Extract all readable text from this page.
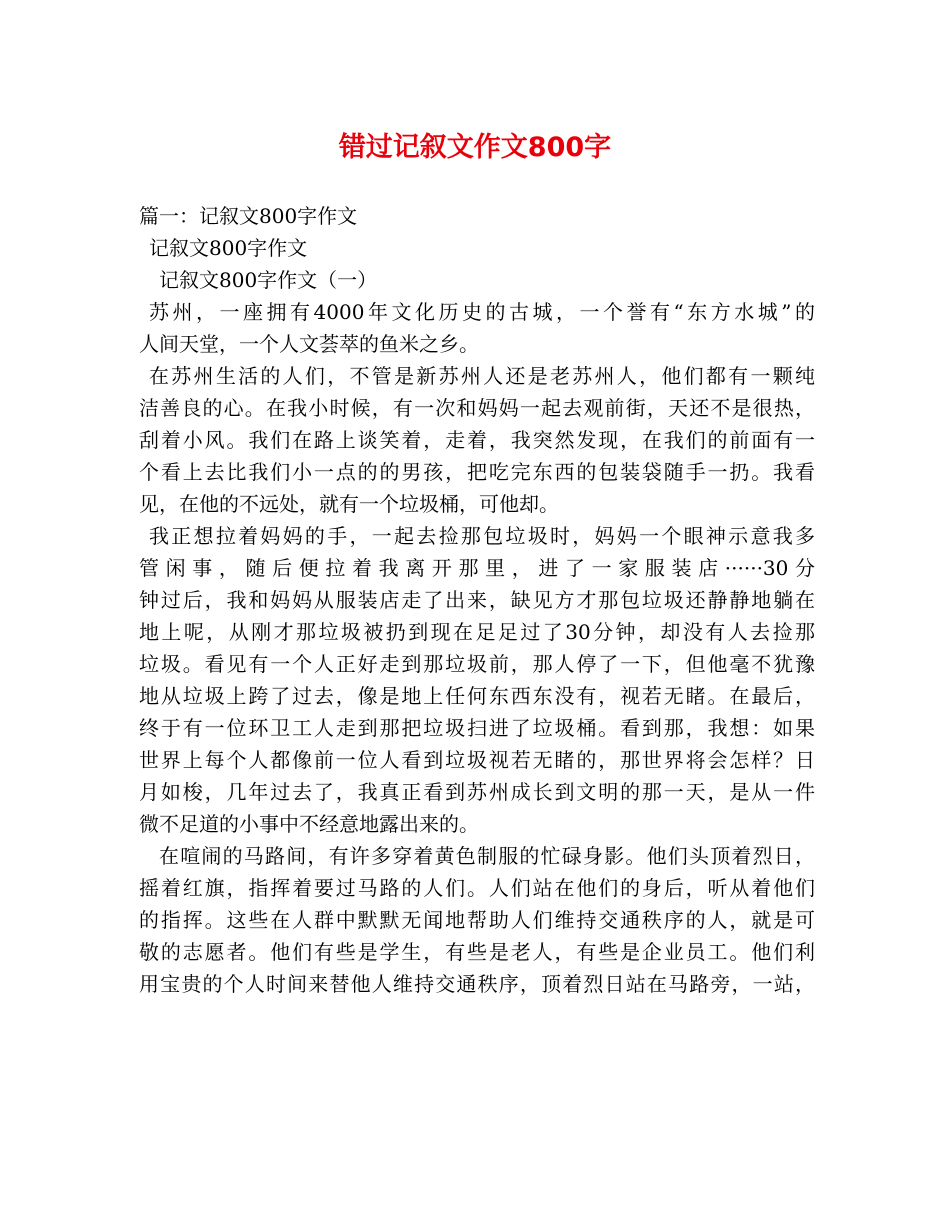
错过记叙文作文800字
篇一：记叙文800字作文
记叙文800字作文
记叙文800字作文（一）
苏州，一座拥有4000年文化历史的古城，一个誉有“东方水城”的
人间天堂，一个人文荟萃的鱼米之乡。
在苏州生活的人们，不管是新苏州人还是老苏州人，他们都有一颗纯
洁善良的心。在我小时候，有一次和妈妈一起去观前街，天还不是很热，
刮着小风。我们在路上谈笑着，走着，我突然发现，在我们的前面有一
个看上去比我们小一点的的男孩，把吃完东西的包装袋随手一扔。我看
见，在他的不远处，就有一个垃圾桶，可他却。
我正想拉着妈妈的手，一起去捡那包垃圾时，妈妈一个眼神示意我多
管闲事，随后便拉着我离开那里，进了一家服装店······30分
钟过后，我和妈妈从服装店走了出来，缺见方才那包垃圾还静静地躺在
地上呢，从刚才那垃圾被扔到现在足足过了30分钟，却没有人去捡那
垃圾。看见有一个人正好走到那垃圾前，那人停了一下，但他毫不犹豫
地从垃圾上跨了过去，像是地上任何东西东没有，视若无睹。在最后，
终于有一位环卫工人走到那把垃圾扫进了垃圾桶。看到那，我想：如果
世界上每个人都像前一位人看到垃圾视若无睹的，那世界将会怎样？日
月如梭，几年过去了，我真正看到苏州成长到文明的那一天，是从一件
微不足道的小事中不经意地露出来的。
在喧闹的马路间，有许多穿着黄色制服的忙碌身影。他们头顶着烈日，
摇着红旗，指挥着要过马路的人们。人们站在他们的身后，听从着他们
的指挥。这些在人群中默默无闻地帮助人们维持交通秩序的人，就是可
敬的志愿者。他们有些是学生，有些是老人，有些是企业员工。他们利
用宝贵的个人时间来替他人维持交通秩序，顶着烈日站在马路旁，一站，
